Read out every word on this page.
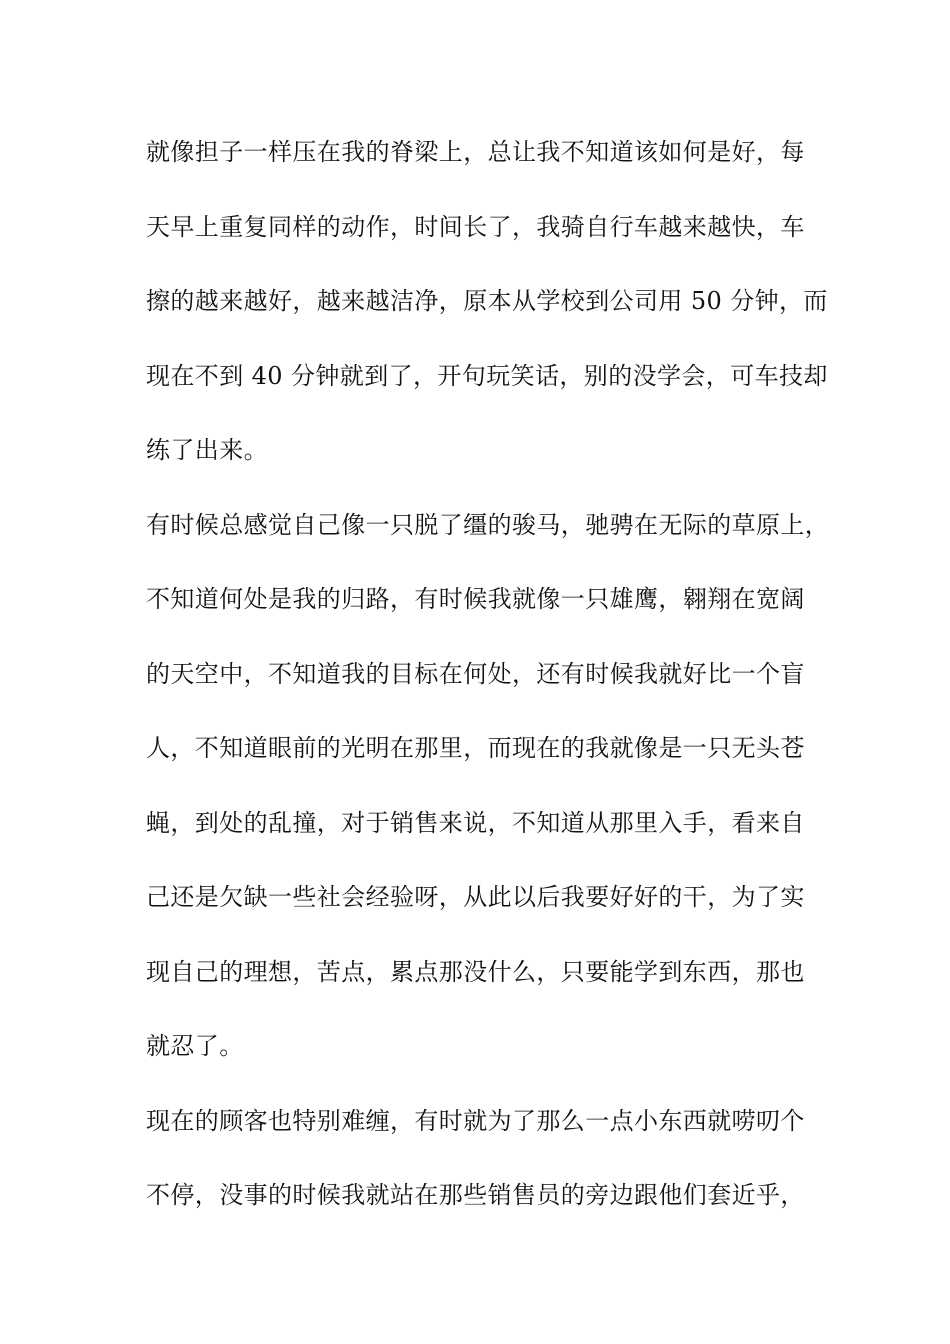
就像担子一样压在我的脊梁上，总让我不知道该如何是好，每
天早上重复同样的动作，时间长了，我骑自行车越来越快，车
擦的越来越好，越来越洁净，原本从学校到公司用 50 分钟，而
现在不到 40 分钟就到了，开句玩笑话，别的没学会，可车技却
练了出来。
有时候总感觉自己像一只脱了缰的骏马，驰骋在无际的草原上，
不知道何处是我的归路，有时候我就像一只雄鹰，翱翔在宽阔
的天空中，不知道我的目标在何处，还有时候我就好比一个盲
人，不知道眼前的光明在那里，而现在的我就像是一只无头苍
蝇，到处的乱撞，对于销售来说，不知道从那里入手，看来自
己还是欠缺一些社会经验呀，从此以后我要好好的干，为了实
现自己的理想，苦点，累点那没什么，只要能学到东西，那也
就忍了。
现在的顾客也特别难缠，有时就为了那么一点小东西就唠叨个
不停，没事的时候我就站在那些销售员的旁边跟他们套近乎，
